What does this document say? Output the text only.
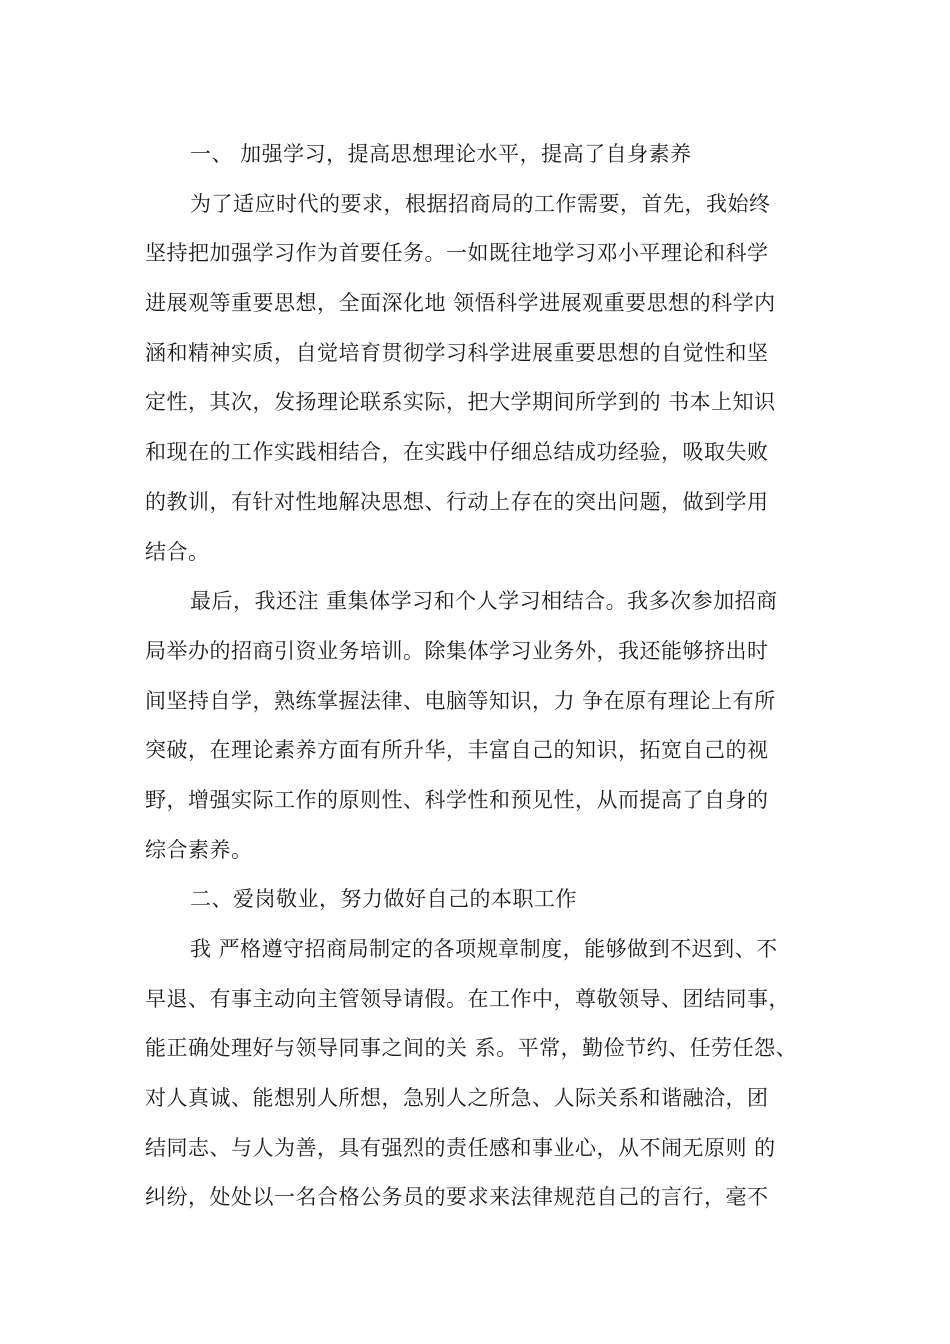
一、 加强学习，提高思想理论水平，提高了自身素养
为了适应时代的要求，根据招商局的工作需要，首先，我始终
坚持把加强学习作为首要任务。一如既往地学习邓小平理论和科学
进展观等重要思想，全面深化地 领悟科学进展观重要思想的科学内
涵和精神实质，自觉培育贯彻学习科学进展重要思想的自觉性和坚
定性，其次，发扬理论联系实际，把大学期间所学到的 书本上知识
和现在的工作实践相结合，在实践中仔细总结成功经验，吸取失败
的教训，有针对性地解决思想、行动上存在的突出问题，做到学用
结合。
最后，我还注 重集体学习和个人学习相结合。我多次参加招商
局举办的招商引资业务培训。除集体学习业务外，我还能够挤出时
间坚持自学，熟练掌握法律、电脑等知识，力 争在原有理论上有所
突破，在理论素养方面有所升华，丰富自己的知识，拓宽自己的视
野，增强实际工作的原则性、科学性和预见性，从而提高了自身的
综合素养。
二、爱岗敬业，努力做好自己的本职工作
我 严格遵守招商局制定的各项规章制度，能够做到不迟到、不
早退、有事主动向主管领导请假。在工作中，尊敬领导、团结同事，
能正确处理好与领导同事之间的关 系。平常，勤俭节约、任劳任怨、
对人真诚、能想别人所想，急别人之所急、人际关系和谐融洽，团
结同志、与人为善，具有强烈的责任感和事业心，从不闹无原则 的
纠纷，处处以一名合格公务员的要求来法律规范自己的言行，毫不
